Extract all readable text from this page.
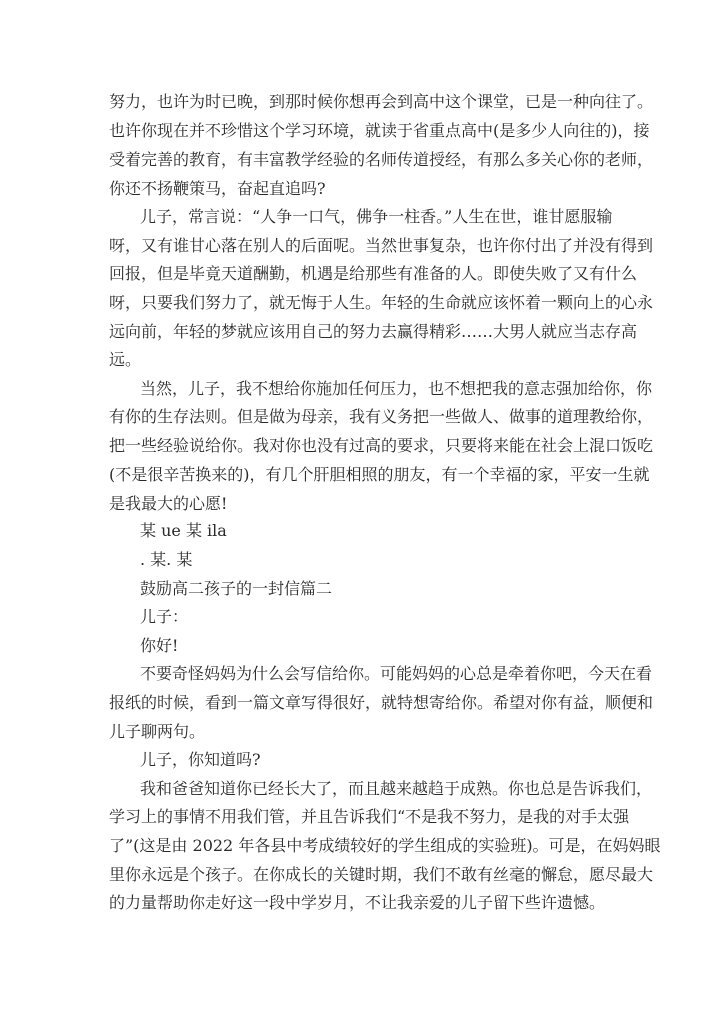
努力，也许为时已晚，到那时候你想再会到高中这个课堂，已是一种向往了。
也许你现在并不珍惜这个学习环境，就读于省重点高中(是多少人向往的)，接
受着完善的教育，有丰富教学经验的名师传道授经，有那么多关心你的老师，
你还不扬鞭策马，奋起直追吗?
儿子，常言说：“人争一口气，佛争一柱香。”人生在世，谁甘愿服输
呀，又有谁甘心落在别人的后面呢。当然世事复杂，也许你付出了并没有得到
回报，但是毕竟天道酬勤，机遇是给那些有准备的人。即使失败了又有什么
呀，只要我们努力了，就无悔于人生。年轻的生命就应该怀着一颗向上的心永
远向前，年轻的梦就应该用自己的努力去赢得精彩……大男人就应当志存高
远。
当然，儿子，我不想给你施加任何压力，也不想把我的意志强加给你，你
有你的生存法则。但是做为母亲，我有义务把一些做人、做事的道理教给你，
把一些经验说给你。我对你也没有过高的要求，只要将来能在社会上混口饭吃
(不是很辛苦换来的)，有几个肝胆相照的朋友，有一个幸福的家，平安一生就
是我最大的心愿!
某 ue 某 ila
. 某. 某
鼓励高二孩子的一封信篇二
儿子：
你好!
不要奇怪妈妈为什么会写信给你。可能妈妈的心总是牵着你吧，今天在看
报纸的时候，看到一篇文章写得很好，就特想寄给你。希望对你有益，顺便和
儿子聊两句。
儿子，你知道吗?
我和爸爸知道你已经长大了，而且越来越趋于成熟。你也总是告诉我们，
学习上的事情不用我们管，并且告诉我们“不是我不努力，是我的对手太强
了”(这是由 2022 年各县中考成绩较好的学生组成的实验班)。可是，在妈妈眼
里你永远是个孩子。在你成长的关键时期，我们不敢有丝毫的懈怠，愿尽最大
的力量帮助你走好这一段中学岁月，不让我亲爱的儿子留下些许遗憾。
